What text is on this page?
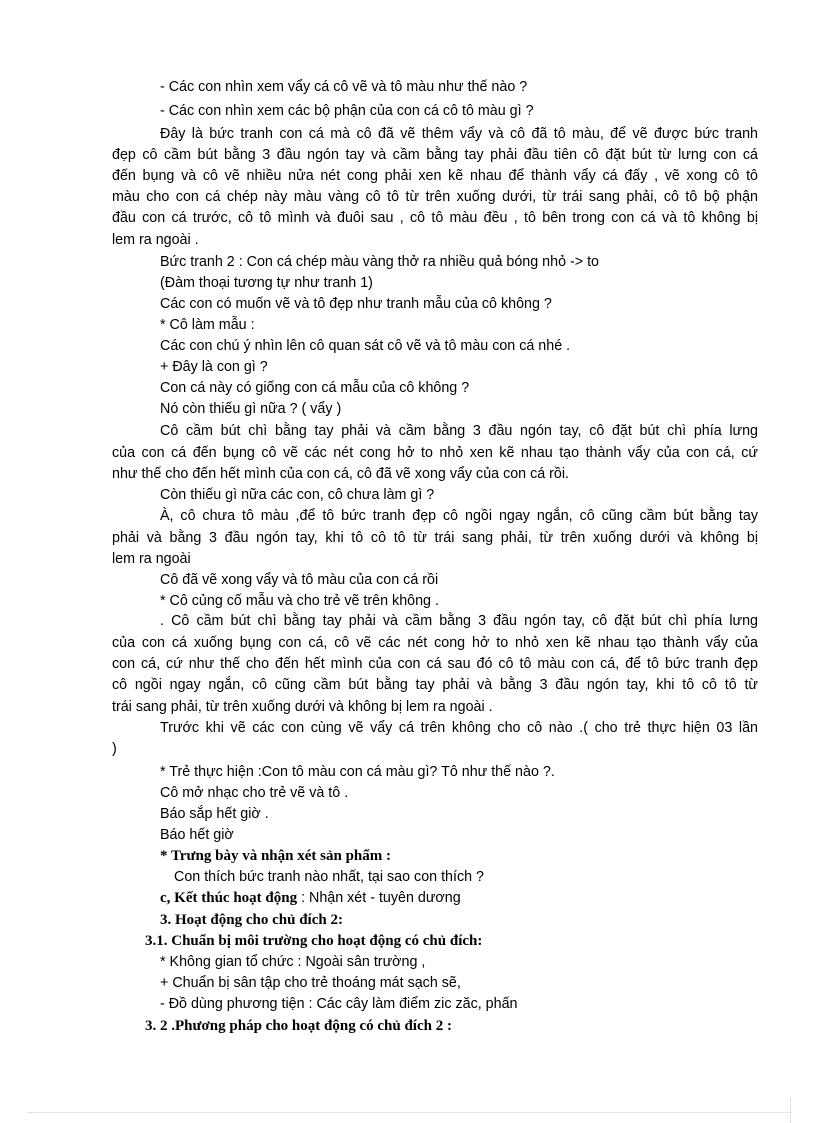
- Các con nhìn xem vẩy cá cô vẽ và tô màu như thế nào ?
- Các con nhìn xem các bộ phận của con cá cô tô màu gì ?
Đây là bức tranh con cá mà cô đã vẽ thêm vẩy và cô đã tô màu, để vẽ được bức tranh
đẹp cô cầm bút bằng 3 đầu ngón tay và cầm bằng tay phải đầu tiên cô đặt bút từ lưng con cá
đến bụng và cô vẽ nhiều nửa nét cong phải xen kẽ nhau để thành vẩy cá đấy , vẽ xong cô tô
màu cho con cá chép này màu vàng cô tô từ trên xuống dưới, từ trái sang phải, cô tô bộ phận
đầu con cá trước, cô tô mình và đuôi sau , cô tô màu đều , tô bên trong con cá và tô không bị
lem ra ngoài .
Bức tranh 2 : Con cá chép màu vàng thở ra nhiều quả bóng nhỏ -> to
(Đàm thoại tương tự như tranh 1)
Các con có muốn vẽ và tô đẹp như tranh mẫu của cô không ?
* Cô làm mẫu :
Các con chú ý nhìn lên cô quan sát cô vẽ và tô màu con cá nhé .
+ Đây là con gì ?
Con cá này có giống con cá mẫu của cô không ?
Nó còn thiếu gì nữa ? ( vẩy )
Cô cầm bút chì bằng tay phải và cầm bằng 3 đầu ngón tay, cô đặt bút chì phía lưng
của con cá đến bụng cô vẽ các nét cong hở to nhỏ xen kẽ nhau tạo thành vẩy của con cá, cứ
như thế cho đến hết mình của con cá, cô đã vẽ xong vẩy của con cá rồi.
Còn thiếu gì nữa các con, cô chưa làm gì ?
À, cô chưa tô màu ,để tô bức tranh đẹp cô ngồi ngay ngắn, cô cũng cầm bút bằng tay
phải và bằng 3 đầu ngón tay, khi tô cô tô từ trái sang phải, từ trên xuống dưới và không bị
lem ra ngoài
Cô đã vẽ xong vẩy và tô màu của con cá rồi
* Cô củng cố mẫu và cho trẻ vẽ trên không .
. Cô cầm bút chì bằng tay phải và cầm bằng 3 đầu ngón tay, cô đặt bút chì phía lưng
của con cá xuống bụng con cá, cô vẽ các nét cong hở to nhỏ xen kẽ nhau tạo thành vẩy của
con cá, cứ như thế cho đến hết mình của con cá sau đó cô tô màu con cá, để tô bức tranh đẹp
cô ngồi ngay ngắn, cô cũng cầm bút bằng tay phải và bằng 3 đầu ngón tay, khi tô cô tô từ
trái sang phải, từ trên xuống dưới và không bị lem ra ngoài .
Trước khi vẽ các con cùng vẽ vẩy cá trên không cho cô nào .( cho trẻ thực hiện 03 lần
)
* Trẻ thực hiện :Con tô màu con cá màu gì? Tô như thế nào ?.
Cô mở nhạc cho trẻ vẽ và tô .
Báo sắp hết giờ .
Báo hết giờ
* Trưng bày và nhận xét sản phẩm :
Con thích bức tranh nào nhất, tại sao con thích ?
c, Kết thúc hoạt động : Nhận xét - tuyên dương
3. Hoạt động cho chủ đích 2:
3.1. Chuẩn bị môi trường cho hoạt động có chủ đích:
* Không gian tổ chức : Ngoài sân trường ,
+ Chuẩn bị sân tập cho trẻ thoáng mát sạch sẽ,
- Đồ dùng phương tiện : Các cây làm điểm zic zăc, phấn
3. 2 .Phương pháp cho hoạt động có chủ đích 2 :
